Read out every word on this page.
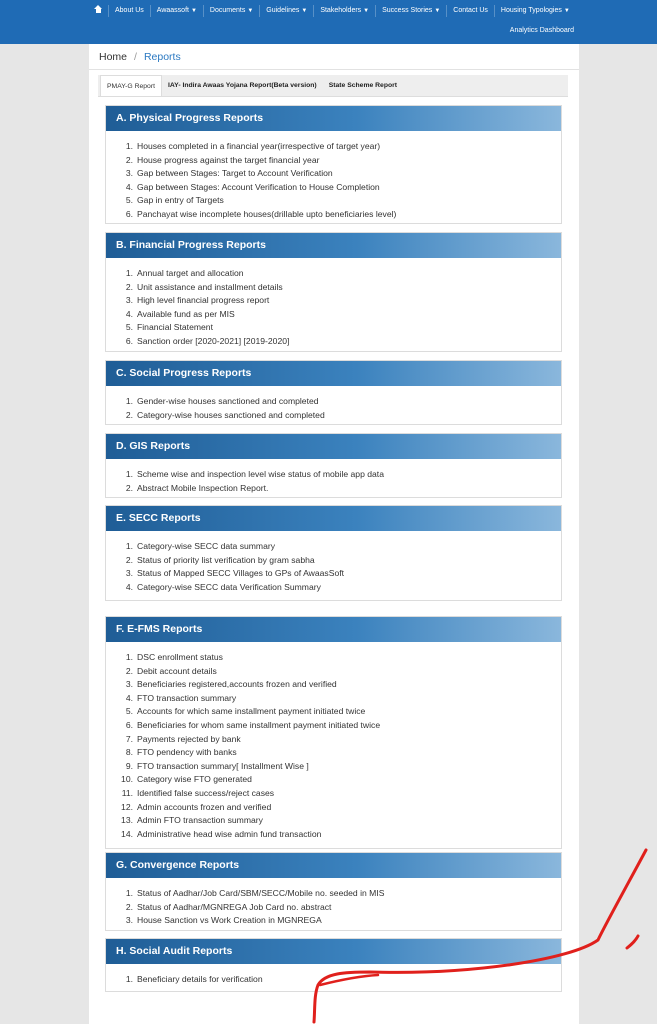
About Us	Awaassoft ▼	Documents ▼	Guidelines ▼	Stakeholders ▼	Success Stories ▼	Contact Us	Housing Typologies ▼
Analytics Dashboard
Home / Reports
PMAY-G Report	IAY- Indira Awaas Yojana Report(Beta version)	State Scheme Report
A. Physical Progress Reports
1. Houses completed in a financial year(irrespective of target year)
2. House progress against the target financial year
3. Gap between Stages: Target to Account Verification
4. Gap between Stages: Account Verification to House Completion
5. Gap in entry of Targets
6. Panchayat wise incomplete houses(drillable upto beneficiaries level)
B. Financial Progress Reports
1. Annual target and allocation
2. Unit assistance and installment details
3. High level financial progress report
4. Available fund as per MIS
5. Financial Statement
6. Sanction order [2020-2021] [2019-2020]
C. Social Progress Reports
1. Gender-wise houses sanctioned and completed
2. Category-wise houses sanctioned and completed
D. GIS Reports
1. Scheme wise and inspection level wise status of mobile app data
2. Abstract Mobile Inspection Report.
E. SECC Reports
1. Category-wise SECC data summary
2. Status of priority list verification by gram sabha
3. Status of Mapped SECC Villages to GPs of AwaasSoft
4. Category-wise SECC data Verification Summary
F. E-FMS Reports
1. DSC enrollment status
2. Debit account details
3. Beneficiaries registered,accounts frozen and verified
4. FTO transaction summary
5. Accounts for which same installment payment initiated twice
6. Beneficiaries for whom same installment payment initiated twice
7. Payments rejected by bank
8. FTO pendency with banks
9. FTO transaction summary[ Installment Wise ]
10. Category wise FTO generated
11. Identified false success/reject cases
12. Admin accounts frozen and verified
13. Admin FTO transaction summary
14. Administrative head wise admin fund transaction
G. Convergence Reports
1. Status of Aadhar/Job Card/SBM/SECC/Mobile no. seeded in MIS
2. Status of Aadhar/MGNREGA Job Card no. abstract
3. House Sanction vs Work Creation in MGNREGA
H. Social Audit Reports
1. Beneficiary details for verification
